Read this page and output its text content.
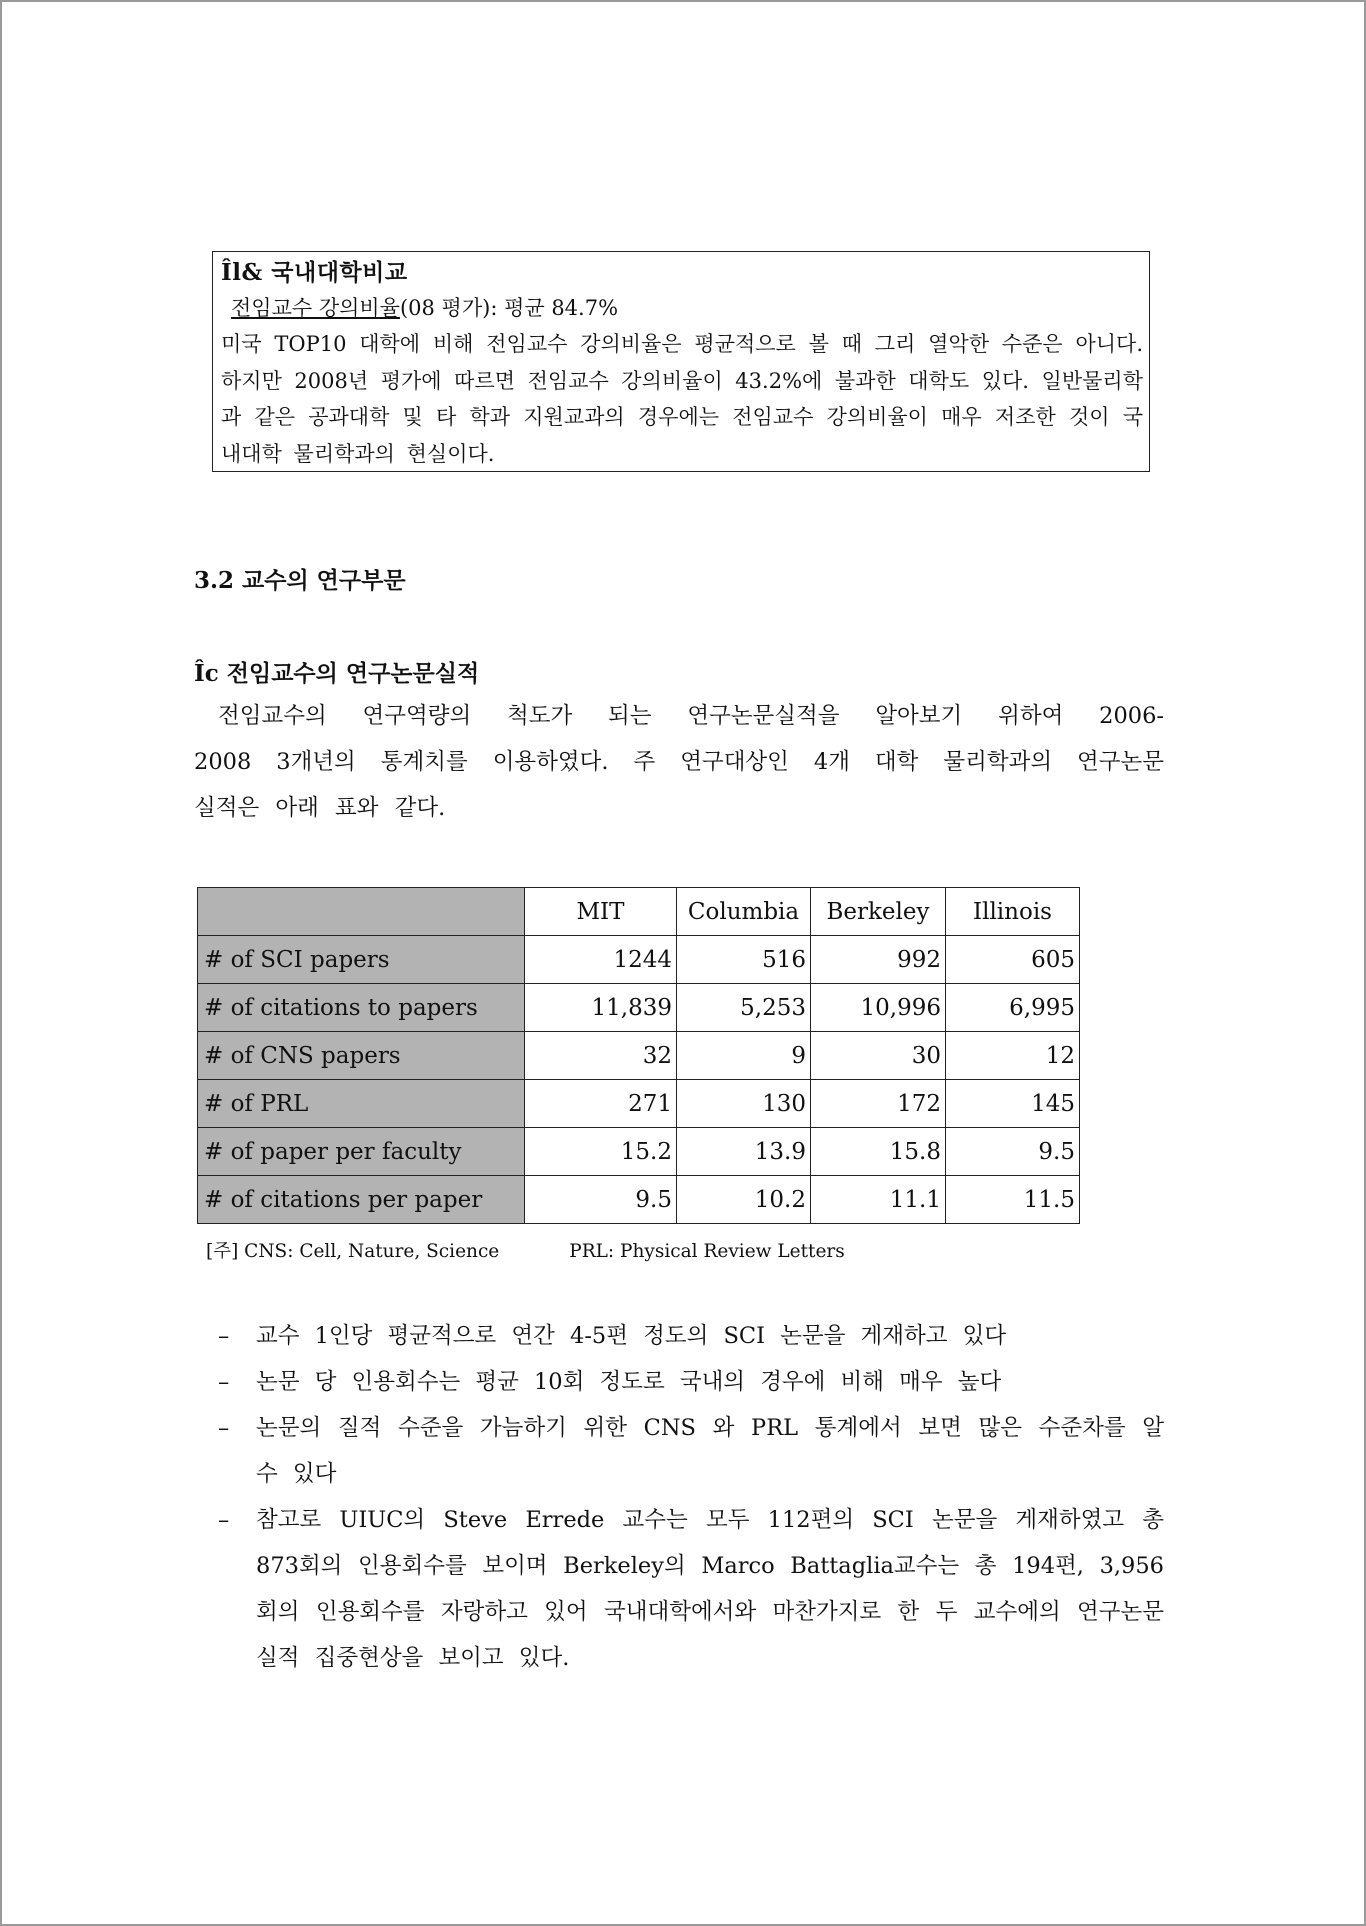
Îl& 국내대학비교
전임교수 강의비율(08 평가): 평균 84.7%
미국 TOP10 대학에 비해 전임교수 강의비율은 평균적으로 볼 때 그리 열악한 수준은 아니다. 하지만 2008년 평가에 따르면 전임교수 강의비율이 43.2%에 불과한 대학도 있다. 일반물리학과 같은 공과대학 및 타 학과 지원교과의 경우에는 전임교수 강의비율이 매우 저조한 것이 국내대학 물리학과의 현실이다.
3.2 교수의 연구부문
Îc 전임교수의 연구논문실적
전임교수의 연구역량의 척도가 되는 연구논문실적을 알아보기 위하여 2006-
2008 3개년의 통계치를 이용하였다. 주 연구대상인 4개 대학 물리학과의 연구논문
실적은 아래 표와 같다.
	MIT	Columbia	Berkeley	Illinois
# of SCI papers	1244	516	992	605
# of citations to papers	11,839	5,253	10,996	6,995
# of CNS papers	32	9	30	12
# of PRL	271	130	172	145
# of paper per faculty	15.2	13.9	15.8	9.5
# of citations per paper	9.5	10.2	11.1	11.5
[주] CNS: Cell, Nature, Science	PRL: Physical Review Letters

–	교수 1인당 평균적으로 연간 4-5편 정도의 SCI 논문을 게재하고 있다

–	논문 당 인용회수는 평균 10회 정도로 국내의 경우에 비해 매우 높다

–	논문의 질적 수준을 가늠하기 위한 CNS 와 PRL 통계에서 보면 많은 수준차를 알 수 있다

–	참고로 UIUC의 Steve Errede 교수는 모두 112편의 SCI 논문을 게재하였고 총 873회의 인용회수를 보이며 Berkeley의 Marco Battaglia교수는 총 194편, 3,956회의 인용회수를 자랑하고 있어 국내대학에서와 마찬가지로 한 두 교수에의 연구논문실적 집중현상을 보이고 있다.
